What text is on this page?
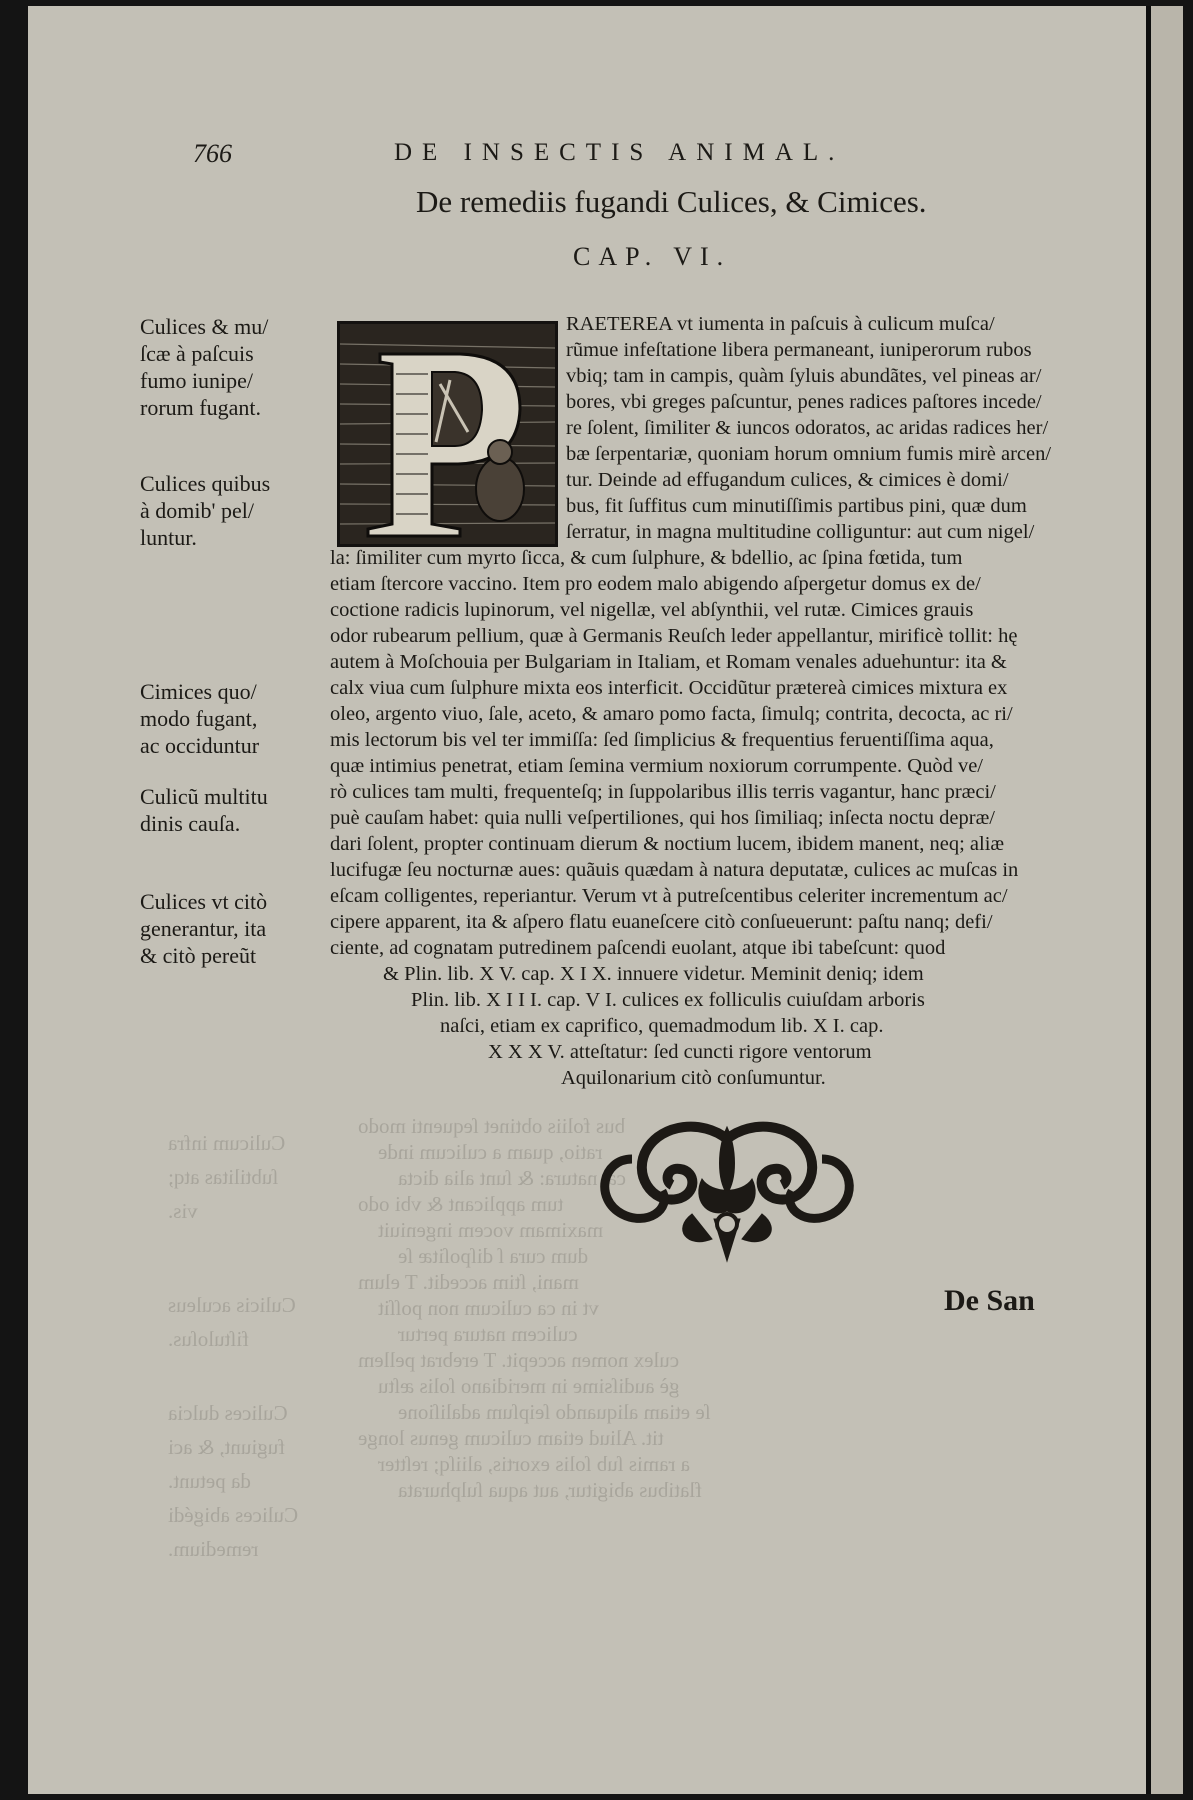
bus foliis obtinet ſequenti modo
ratio, quam a culicum inde
cæ natura: & ſunt alia dicta
tum applicant & vbi odo
maximam vocem ingeniuit
dum cura ſ diſpoſitæ ſe
mani, ſtim accedit. T elum
vt in ca culicum non poſſit
culicem natura pertur
culex nomen accepit. T erebrat pellem
gè audiſsime in meridiano ſolis æſtu
ſe etiam aliquando ſeipſum adaliſione
tit. Aliud etiam culicum genus longe
a ramis ſub ſolis exortis, aliiſq; reſtter
flatibus abigitur, aut aqua ſulphurata
Culicum infra
ſubtilitas atq;
vis.
Culicis aculeus
fiſtuloſus.
Culices dulcia
fugiunt, & aci
da petunt.
Culices abigédi
remedium.
766	DE INSECTIS ANIMAL.
De remediis fugandi Culices, & Cimices.
CAP. VI.
Culices & mu/
ſcæ à paſcuis
fumo iunipe/
rorum fugant.
Culices quibus
à domib' pel/
luntur.
Cimices quo/
modo fugant,
ac occiduntur
Culicũ multitu
dinis cauſa.
Culices vt citò
generantur, ita
& citò pereũt
RAETEREA vt iumenta in paſcuis à culicum muſca/
rũmue infeſtatione libera permaneant, iuniperorum rubos
vbiq; tam in campis, quàm ſyluis abundãtes, vel pineas ar/
bores, vbi greges paſcuntur, penes radices paſtores incede/
re ſolent, ſimiliter & iuncos odoratos, ac aridas radices her/
bæ ſerpentariæ, quoniam horum omnium fumis mirè arcen/
tur. Deinde ad effugandum culices, & cimices è domi/
bus, fit ſuffitus cum minutiſſimis partibus pini, quæ dum
ſerratur, in magna multitudine colliguntur: aut cum nigel/
la: ſimiliter cum myrto ſicca, & cum ſulphure, & bdellio, ac ſpina fœtida, tum
etiam ſtercore vaccino. Item pro eodem malo abigendo aſpergetur domus ex de/
coctione radicis lupinorum, vel nigellæ, vel abſynthii, vel rutæ. Cimices grauis
odor rubearum pellium, quæ à Germanis Reuſch leder appellantur, mirificè tollit: hę
autem à Moſchouia per Bulgariam in Italiam, et Romam venales aduehuntur: ita &
calx viua cum ſulphure mixta eos interficit. Occidũtur prætereà cimices mixtura ex
oleo, argento viuo, ſale, aceto, & amaro pomo facta, ſimulq; contrita, decocta, ac ri/
mis lectorum bis vel ter immiſſa: ſed ſimplicius & frequentius feruentiſſima aqua,
quæ intimius penetrat, etiam ſemina vermium noxiorum corrumpente. Quòd ve/
rò culices tam multi, frequenteſq; in ſuppolaribus illis terris vagantur, hanc præci/
puè cauſam habet: quia nulli veſpertiliones, qui hos ſimiliaq; inſecta noctu depræ/
dari ſolent, propter continuam dierum & noctium lucem, ibidem manent, neq; aliæ
lucifugæ ſeu nocturnæ aues: quãuis quædam à natura deputatæ, culices ac muſcas in
eſcam colligentes, reperiantur. Verum vt à putreſcentibus celeriter incrementum ac/
cipere apparent, ita & aſpero flatu euaneſcere citò conſueuerunt: paſtu nanq; defi/
ciente, ad cognatam putredinem paſcendi euolant, atque ibi tabeſcunt: quod
& Plin. lib. X V. cap. X I X. innuere videtur. Meminit deniq; idem
Plin. lib. X I I I. cap. V I. culices ex folliculis cuiuſdam arboris
naſci, etiam ex caprifico, quemadmodum lib. X I. cap.
X X X V. atteſtatur: ſed cuncti rigore ventorum
Aquilonarium citò conſumuntur.
De San
